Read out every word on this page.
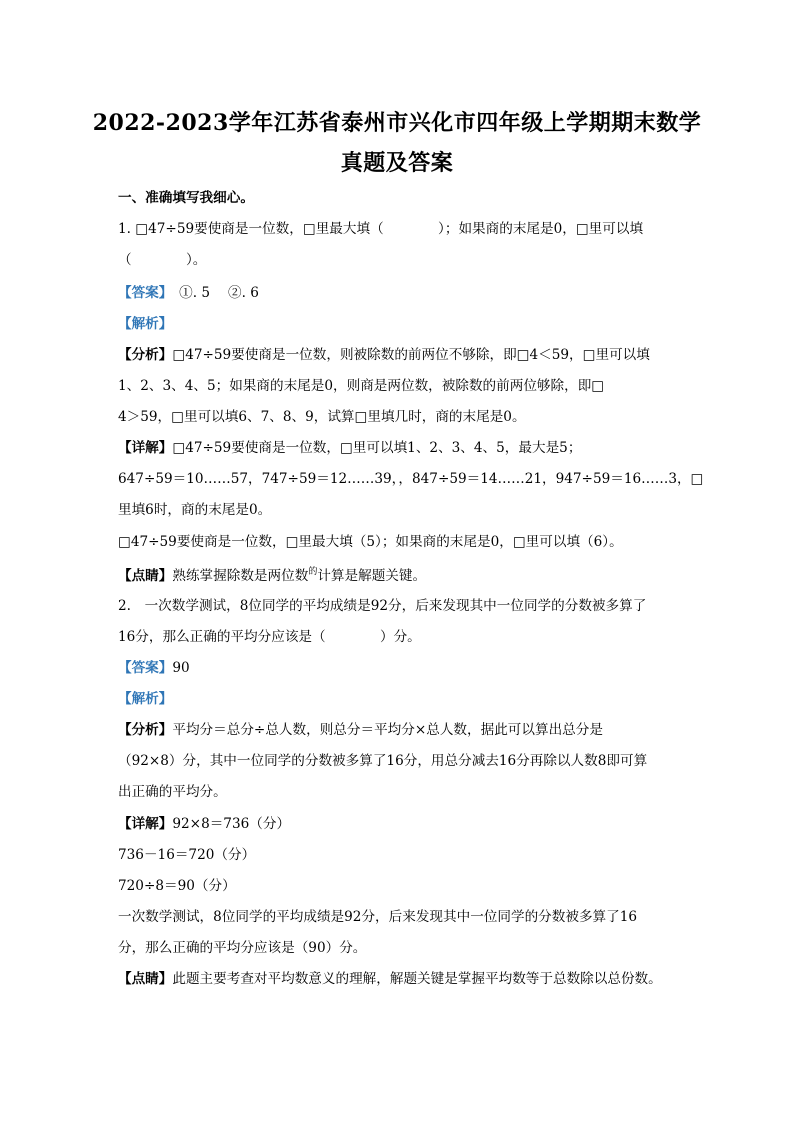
2022-2023学年江苏省泰州市兴化市四年级上学期期末数学
真题及答案
一、准确填写我细心。
1. □47÷59要使商是一位数，□里最大填（　　　　）；如果商的末尾是0，□里可以填
（　　　　）。
【答案】　①. 5　 ②. 6
【解析】
【分析】□47÷59要使商是一位数，则被除数的前两位不够除，即□4＜59，□里可以填
1、2、3、4、5；如果商的末尾是0，则商是两位数，被除数的前两位够除，即□
4＞59，□里可以填6、7、8、9，试算□里填几时，商的末尾是0。
【详解】□47÷59要使商是一位数，□里可以填1、2、3、4、5，最大是5；
647÷59＝10……57，747÷59＝12……39，，847÷59＝14……21，947÷59＝16……3，□
里填6时，商的末尾是0。
□47÷59要使商是一位数，□里最大填（5）；如果商的末尾是0，□里可以填（6）。
【点睛】熟练掌握除数是两位数$^的$计算是解题关键。
2.　一次数学测试，8位同学的平均成绩是92分，后来发现其中一位同学的分数被多算了
16分，那么正确的平均分应该是（　　　　）分。
【答案】90
【解析】
【分析】平均分＝总分÷总人数，则总分＝平均分×总人数，据此可以算出总分是
（92×8）分，其中一位同学的分数被多算了16分，用总分减去16分再除以人数8即可算
出正确的平均分。
【详解】92×8＝736（分）
736－16＝720（分）
720÷8＝90（分）
一次数学测试，8位同学的平均成绩是92分，后来发现其中一位同学的分数被多算了16
分，那么正确的平均分应该是（90）分。
【点睛】此题主要考查对平均数意义的理解，解题关键是掌握平均数等于总数除以总份数。
